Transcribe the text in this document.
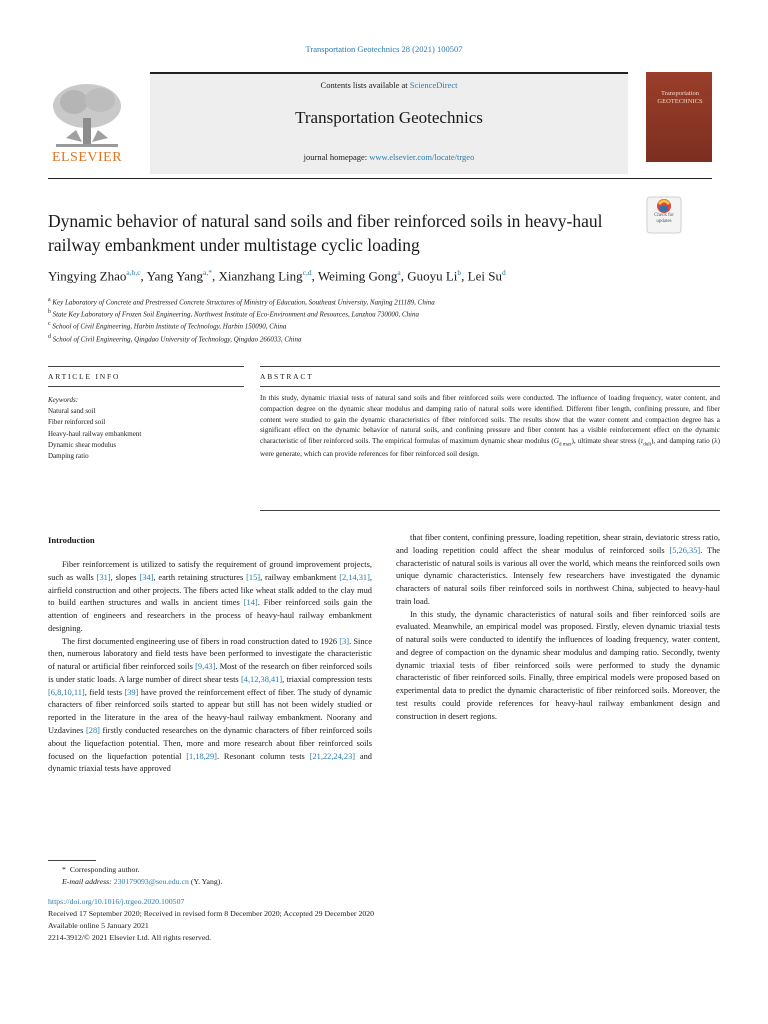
Transportation Geotechnics 28 (2021) 100507
Contents lists available at ScienceDirect
Transportation Geotechnics
journal homepage: www.elsevier.com/locate/trgeo
ELSEVIER
Transportation
GEOTECHNICS
Dynamic behavior of natural sand soils and fiber reinforced soils in heavy-haul railway embankment under multistage cyclic loading
Check for
updates
Yingying Zhao$^{a,b,c}$, Yang Yang$^{a,*}$, Xianzhang Ling$^{c,d}$, Weiming Gong$^a$, Guoyu Li$^b$, Lei Su$^d$
$^a$ Key Laboratory of Concrete and Prestressed Concrete Structures of Ministry of Education, Southeast University, Nanjing 211189, China
$^b$ State Key Laboratory of Frozen Soil Engineering, Northwest Institute of Eco-Environment and Resources, Lanzhou 730000, China
$^c$ School of Civil Engineering, Harbin Institute of Technology, Harbin 150090, China
$^d$ School of Civil Engineering, Qingdao University of Technology, Qingdao 266033, China
ARTICLE INFO	ABSTRACT
Keywords:
Natural sand soil
Fiber reinforced soil
Heavy-haul railway embankment
Dynamic shear modulus
Damping ratio
In this study, dynamic triaxial tests of natural sand soils and fiber reinforced soils were conducted. The influence of loading frequency, water content, and compaction degree on the dynamic shear modulus and damping ratio of natural soils were identified. Different fiber length, confining pressure, and fiber content were studied to gain the dynamic characteristics of fiber reinforced soils. The results show that the water content and compaction degree has a significant effect on the dynamic behavior of natural soils, and confining pressure and fiber content has a visible reinforcement effect on the dynamic characteristic of fiber reinforced soils. The empirical formulas of maximum dynamic shear modulus $(G_{d max})$, ultimate shear stress $(\tau_{dult})$, and damping ratio (λ) were generate, which can provide references for fiber reinforced soil design.
Introduction

Fiber reinforcement is utilized to satisfy the requirement of ground improvement projects, such as walls [31], slopes [34], earth retaining structures [15], railway embankment [2,14,31], airfield construction and other projects. The fibers acted like wheat stalk added to the clay mud to build earthen structures and walls in ancient times [14]. Fiber reinforced soils gain the attention of engineers and researchers in the process of heavy-haul railway embankment designing.

The first documented engineering use of fibers in road construction dated to 1926 [3]. Since then, numerous laboratory and field tests have been performed to investigate the characteristic of natural or artificial fiber reinforced soils [9,43]. Most of the research on fiber reinforced soils is under static loads. A large number of direct shear tests [4,12,38,41], triaxial compression tests [6,8,10,11], field tests [39] have proved the reinforcement effect of fiber. The study of dynamic characters of fiber reinforced soils started to appear but still has not been widely studied or reported in the literature in the area of the heavy-haul railway embankment. Noorany and Uzdavines [28] firstly conducted researches on the dynamic characters of fiber reinforced soils about the liquefaction potential. Then, more and more research about fiber reinforced soils focused on the liquefaction potential [1,18,29]. Resonant column tests [21,22,24,23] and dynamic triaxial tests have approved

that fiber content, confining pressure, loading repetition, shear strain, deviatoric stress ratio, and loading repetition could affect the shear modulus of reinforced soils [5,26,35]. The characteristic of natural soils is various all over the world, which means the reinforced soils own unique dynamic characteristics. Intensely few researchers have investigated the dynamic characters of natural soils fiber reinforced soils in northwest China, subjected to heavy-haul train load.

In this study, the dynamic characteristics of natural soils and fiber reinforced soils are evaluated. Meanwhile, an empirical model was proposed. Firstly, eleven dynamic triaxial tests of natural soils were conducted to identify the influences of loading frequency, water content, and degree of compaction on the dynamic shear modulus and damping ratio. Secondly, twenty dynamic triaxial tests of fiber reinforced soils were performed to study the dynamic characteristic of fiber reinforced soils. Finally, three empirical models were proposed based on experimental data to predict the dynamic characteristic of fiber reinforced soils. Moreover, the test results could provide references for heavy-haul railway embankment design and construction in desert regions.

* Corresponding author.
E-mail address: 230179093@seu.edu.cn (Y. Yang).
https://doi.org/10.1016/j.trgeo.2020.100507
Received 17 September 2020; Received in revised form 8 December 2020; Accepted 29 December 2020
Available online 5 January 2021
2214-3912/© 2021 Elsevier Ltd. All rights reserved.
